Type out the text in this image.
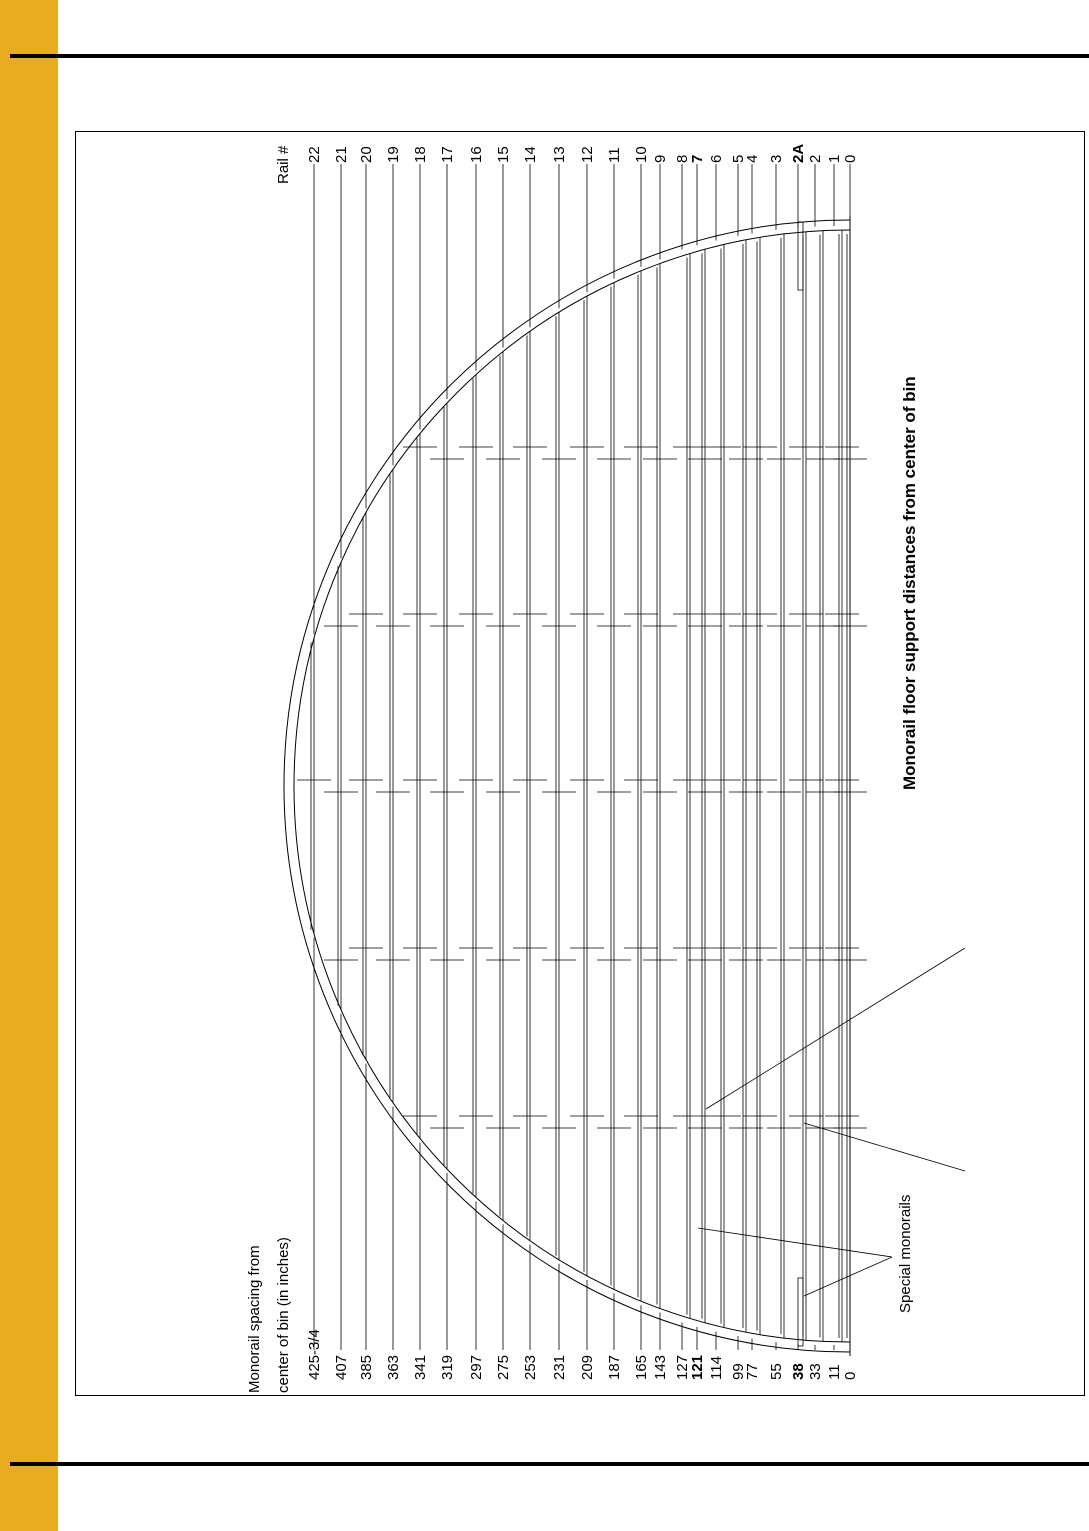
22
425-3/4
21
407
20
385
19
363
18
341
17
319
16
297
15
275
14
253
13
231
12
209
11
187
10
165
9
143
8
127
7
121
6
114
5
99
4
77
3
55
2A
38
2
33
1
11
0
0
Monorail spacing from center of bin (in inches)
Rail #
Monorail floor support distances from center of bin
Special monorails
